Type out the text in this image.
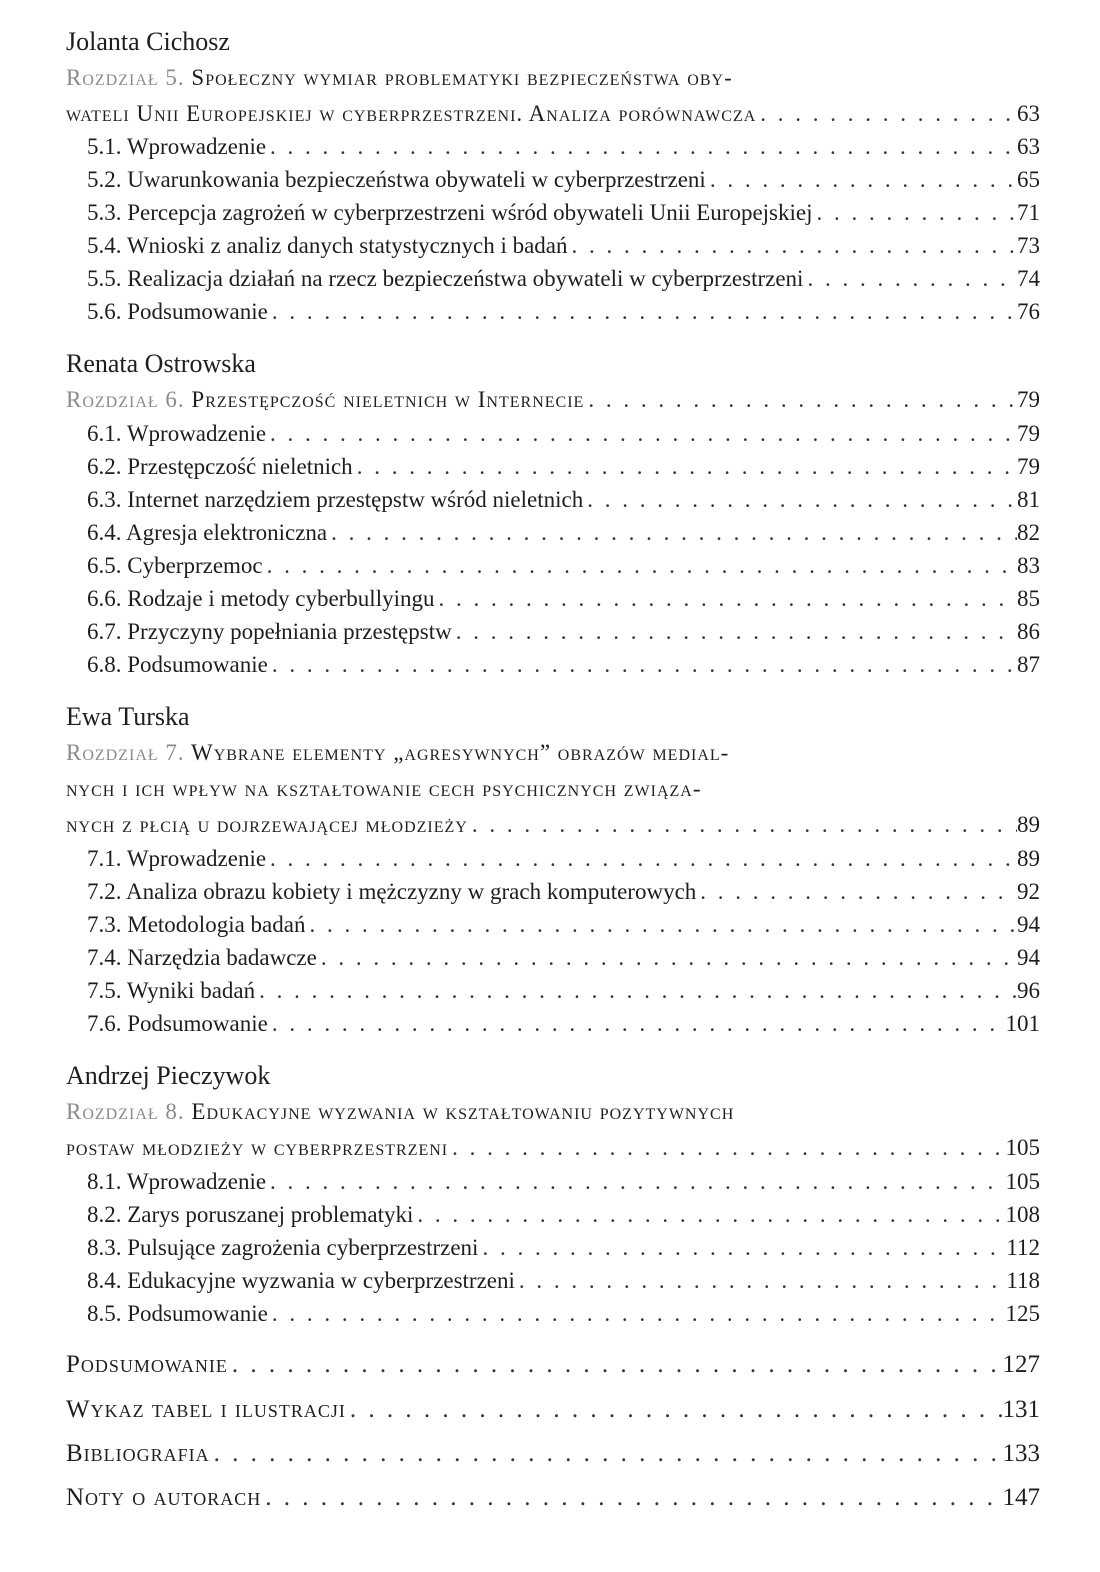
Jolanta Cichosz
Rozdział 5. Społeczny wymiar problematyki bezpieczeństwa oby-
wateli Unii Europejskiej w cyberprzestrzeni. Analiza porównawcza . . .	63
5.1. Wprowadzenie . . .	63
5.2. Uwarunkowania bezpieczeństwa obywateli w cyberprzestrzeni . . .	65
5.3. Percepcja zagrożeń w cyberprzestrzeni wśród obywateli Unii Europejskiej . . .	71
5.4. Wnioski z analiz danych statystycznych i badań . . .	73
5.5. Realizacja działań na rzecz bezpieczeństwa obywateli w cyberprzestrzeni . . .	74
5.6. Podsumowanie . . .	76
Renata Ostrowska
Rozdział 6. Przestępczość nieletnich w Internecie . . .	79
6.1. Wprowadzenie . . .	79
6.2. Przestępczość nieletnich . . .	79
6.3. Internet narzędziem przestępstw wśród nieletnich . . .	81
6.4. Agresja elektroniczna . . .	82
6.5. Cyberprzemoc . . .	83
6.6. Rodzaje i metody cyberbullyingu . . .	85
6.7. Przyczyny popełniania przestępstw . . .	86
6.8. Podsumowanie . . .	87
Ewa Turska
Rozdział 7. Wybrane elementy „agresywnych” obrazów medial-
nych i ich wpływ na kształtowanie cech psychicznych związa-
nych z płcią u dojrzewającej młodzieży . . .	89
7.1. Wprowadzenie . . .	89
7.2. Analiza obrazu kobiety i mężczyzny w grach komputerowych . . .	92
7.3. Metodologia badań . . .	94
7.4. Narzędzia badawcze . . .	94
7.5. Wyniki badań . . .	96
7.6. Podsumowanie . . .	101
Andrzej Pieczywok
Rozdział 8. Edukacyjne wyzwania w kształtowaniu pozytywnych
postaw młodzieży w cyberprzestrzeni . . .	105
8.1. Wprowadzenie . . .	105
8.2. Zarys poruszanej problematyki . . .	108
8.3. Pulsujące zagrożenia cyberprzestrzeni . . .	112
8.4. Edukacyjne wyzwania w cyberprzestrzeni . . .	118
8.5. Podsumowanie . . .	125
Podsumowanie . . .	127
Wykaz tabel i ilustracji . . .	131
Bibliografia . . .	133
Noty o autorach . . .	147
